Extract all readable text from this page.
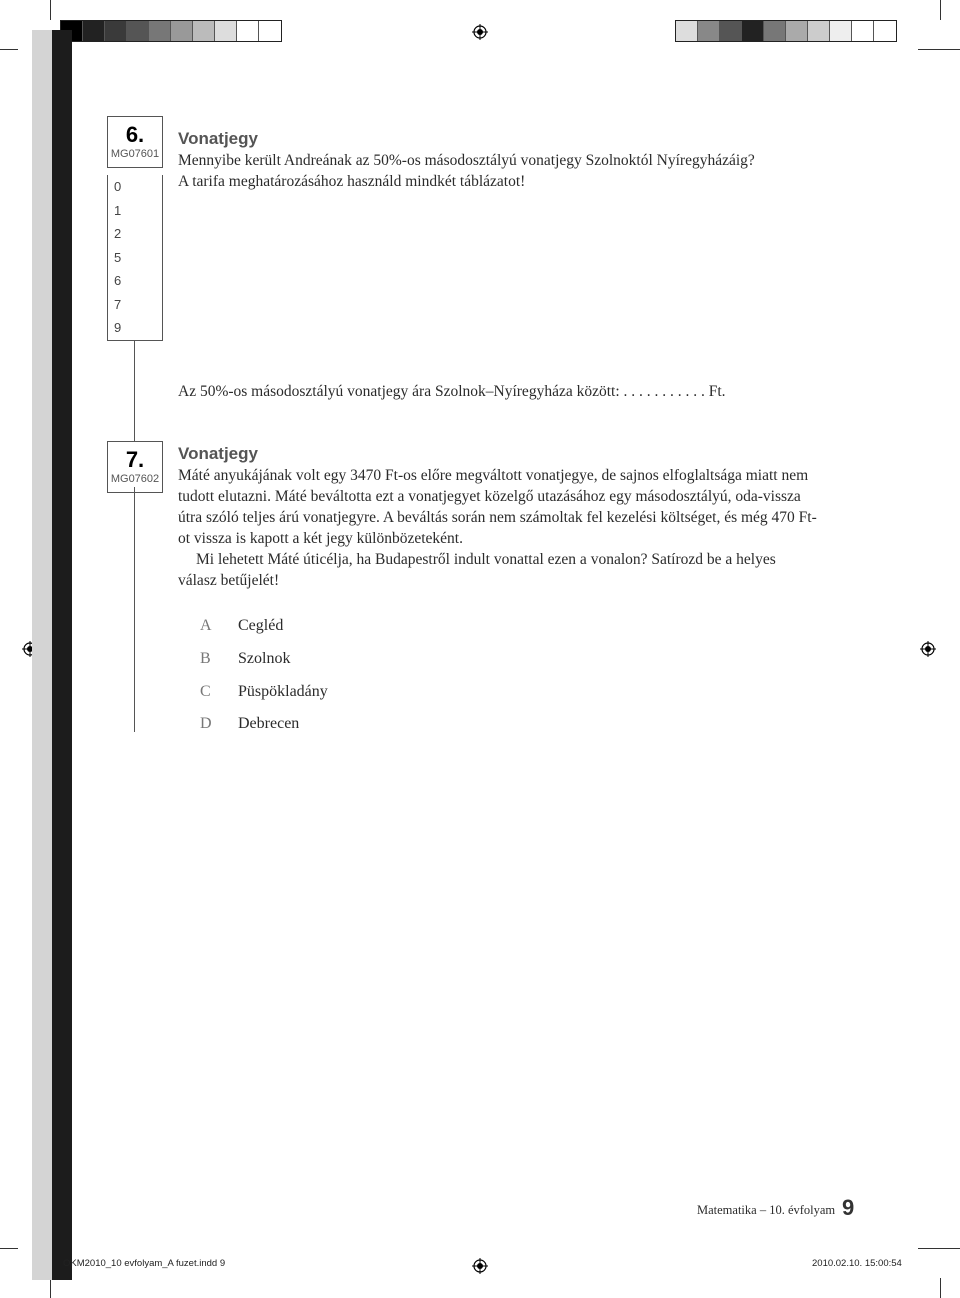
6.
MG07601
0
1
2
5
6
7
9
Vonatjegy

Mennyibe került Andreának az 50%-os másodosztályú vonatjegy Szolnoktól Nyíregyházáig?

A tarifa meghatározásához használd mindkét táblázatot!

Az 50%-os másodosztályú vonatjegy ára Szolnok–Nyíregyháza között: . . . . . . . . . . . Ft.
7.
MG07602
Vonatjegy

Máté anyukájának volt egy 3470 Ft-os előre megváltott vonatjegye, de sajnos elfoglaltsága miatt nem tudott elutazni. Máté beváltotta ezt a vonatjegyet közelgő utazásához egy másodosztályú, oda-vissza útra szóló teljes árú vonatjegyre. A beváltás során nem számoltak fel kezelési költséget, és még 470 Ft-ot vissza is kapott a két jegy különbözeteként.

Mi lehetett Máté úticélja, ha Budapestről indult vonattal ezen a vonalon? Satírozd be a helyes válasz betűjelét!

A	Cegléd
B	Szolnok
C	Püspökladány
D	Debrecen
Matematika – 10. évfolyam 9
OKM2010_10 evfolyam_A fuzet.indd 9	2010.02.10. 15:00:54
